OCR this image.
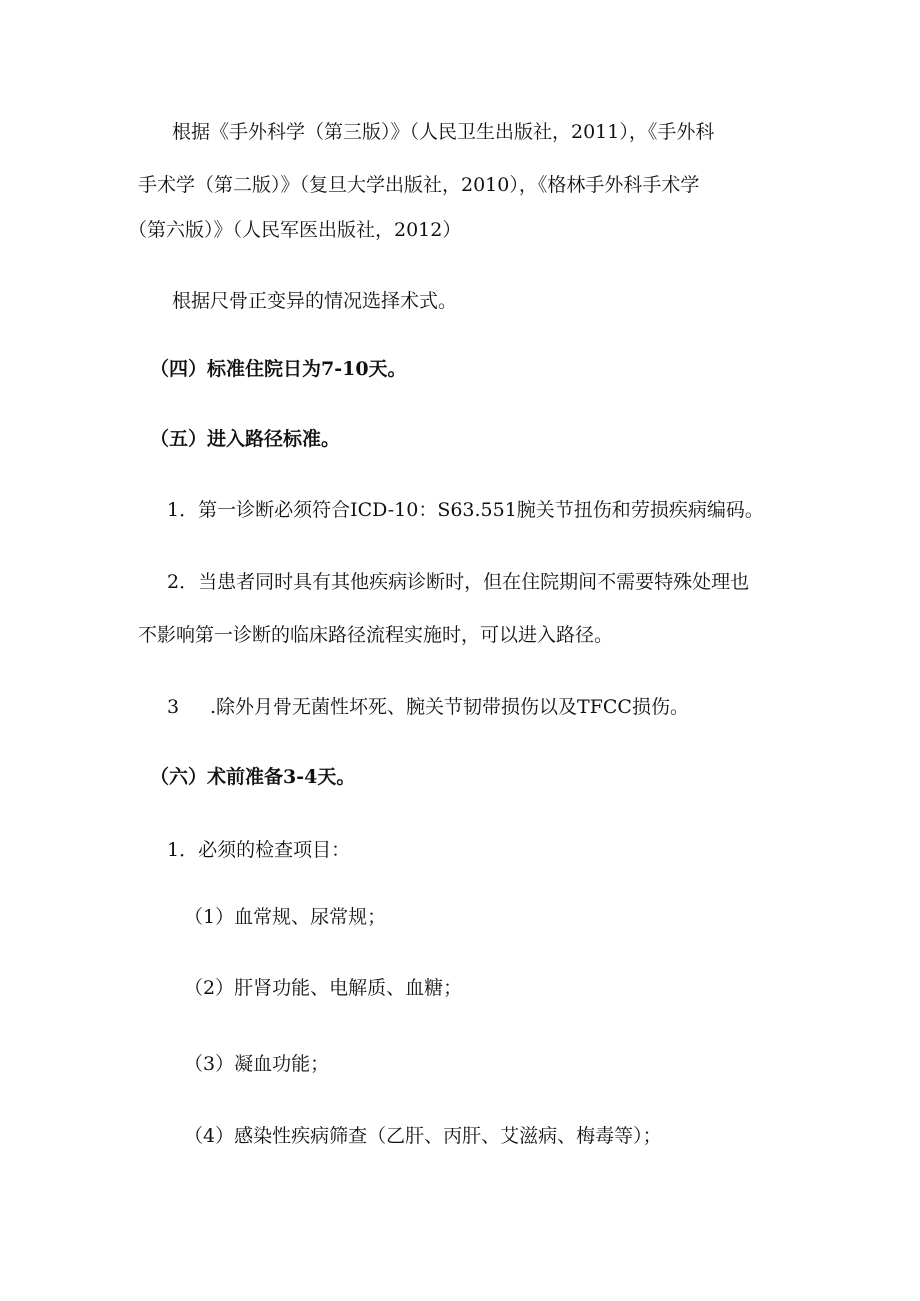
根据《手外科学（第三版）》（人民卫生出版社，2011），《手外科
手术学（第二版）》（复旦大学出版社，2010），《格林手外科手术学
（第六版）》（人民军医出版社，2012）
根据尺骨正变异的情况选择术式。
（四）标准住院日为7-10天。
（五）进入路径标准。
1．第一诊断必须符合ICD-10：S63.551腕关节扭伤和劳损疾病编码。
2．当患者同时具有其他疾病诊断时，但在住院期间不需要特殊处理也
不影响第一诊断的临床路径流程实施时，可以进入路径。
3 .除外月骨无菌性坏死、腕关节韧带损伤以及TFCC损伤。
（六）术前准备3-4天。
1．必须的检查项目：
（1）血常规、尿常规；
（2）肝肾功能、电解质、血糖；
（3）凝血功能；
（4）感染性疾病筛查（乙肝、丙肝、艾滋病、梅毒等）；
